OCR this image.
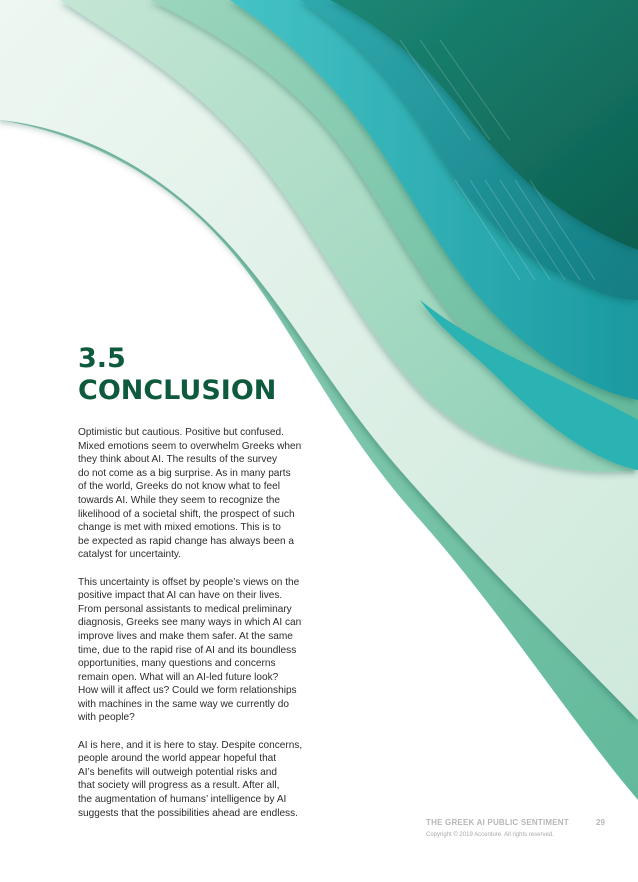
3.5
CONCLUSION

Optimistic but cautious. Positive but confused.
Mixed emotions seem to overwhelm Greeks when
they think about AI. The results of the survey
do not come as a big surprise. As in many parts
of the world, Greeks do not know what to feel
towards AI. While they seem to recognize the
likelihood of a societal shift, the prospect of such
change is met with mixed emotions. This is to
be expected as rapid change has always been a
catalyst for uncertainty.

This uncertainty is offset by people’s views on the
positive impact that AI can have on their lives.
From personal assistants to medical preliminary
diagnosis, Greeks see many ways in which AI can
improve lives and make them safer. At the same
time, due to the rapid rise of AI and its boundless
opportunities, many questions and concerns
remain open. What will an AI-led future look?
How will it affect us? Could we form relationships
with machines in the same way we currently do
with people?

AI is here, and it is here to stay. Despite concerns,
people around the world appear hopeful that
AI’s benefits will outweigh potential risks and
that society will progress as a result. After all,
the augmentation of humans’ intelligence by AI
suggests that the possibilities ahead are endless.

THE GREEK AI PUBLIC SENTIMENT	29
Copyright © 2019 Accenture. All rights reserved.
